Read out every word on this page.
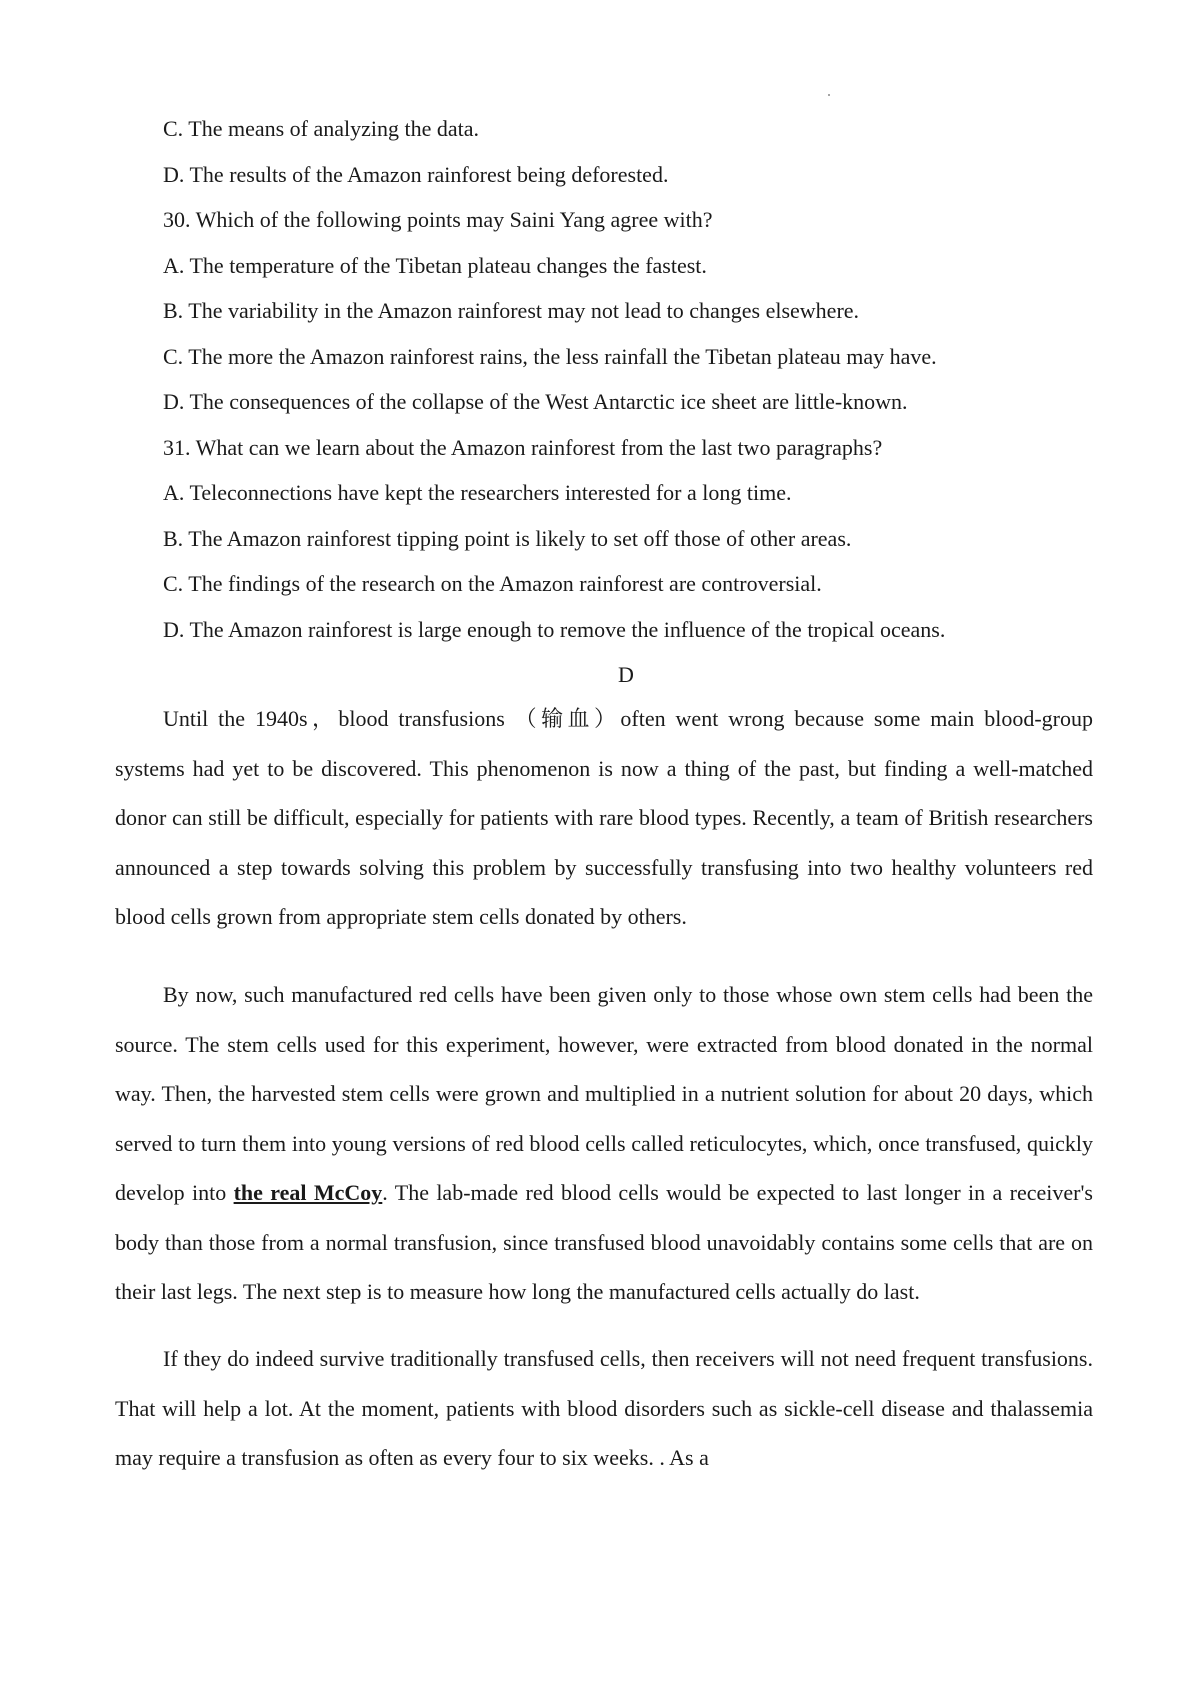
C. The means of analyzing the data.
D. The results of the Amazon rainforest being deforested.
30. Which of the following points may Saini Yang agree with?
A. The temperature of the Tibetan plateau changes the fastest.
B. The variability in the Amazon rainforest may not lead to changes elsewhere.
C. The more the Amazon rainforest rains, the less rainfall the Tibetan plateau may have.
D. The consequences of the collapse of the West Antarctic ice sheet are little-known.
31. What can we learn about the Amazon rainforest from the last two paragraphs?
A. Teleconnections have kept the researchers interested for a long time.
B. The Amazon rainforest tipping point is likely to set off those of other areas.
C. The findings of the research on the Amazon rainforest are controversial.
D. The Amazon rainforest is large enough to remove the influence of the tropical oceans.
D

Until the 1940s，blood transfusions （输血）often went wrong because some main blood-group systems had yet to be discovered. This phenomenon is now a thing of the past, but finding a well-matched donor can still be difficult, especially for patients with rare blood types. Recently, a team of British researchers announced a step towards solving this problem by successfully transfusing into two healthy volunteers red blood cells grown from appropriate stem cells donated by others.

By now, such manufactured red cells have been given only to those whose own stem cells had been the source. The stem cells used for this experiment, however, were extracted from blood donated in the normal way. Then, the harvested stem cells were grown and multiplied in a nutrient solution for about 20 days, which served to turn them into young versions of red blood cells called reticulocytes, which, once transfused, quickly develop into the real McCoy. The lab-made red blood cells would be expected to last longer in a receiver's body than those from a normal transfusion, since transfused blood unavoidably contains some cells that are on their last legs. The next step is to measure how long the manufactured cells actually do last.

If they do indeed survive traditionally transfused cells, then receivers will not need frequent transfusions. That will help a lot. At the moment, patients with blood disorders such as sickle-cell disease and thalassemia may require a transfusion as often as every four to six weeks. . As a
